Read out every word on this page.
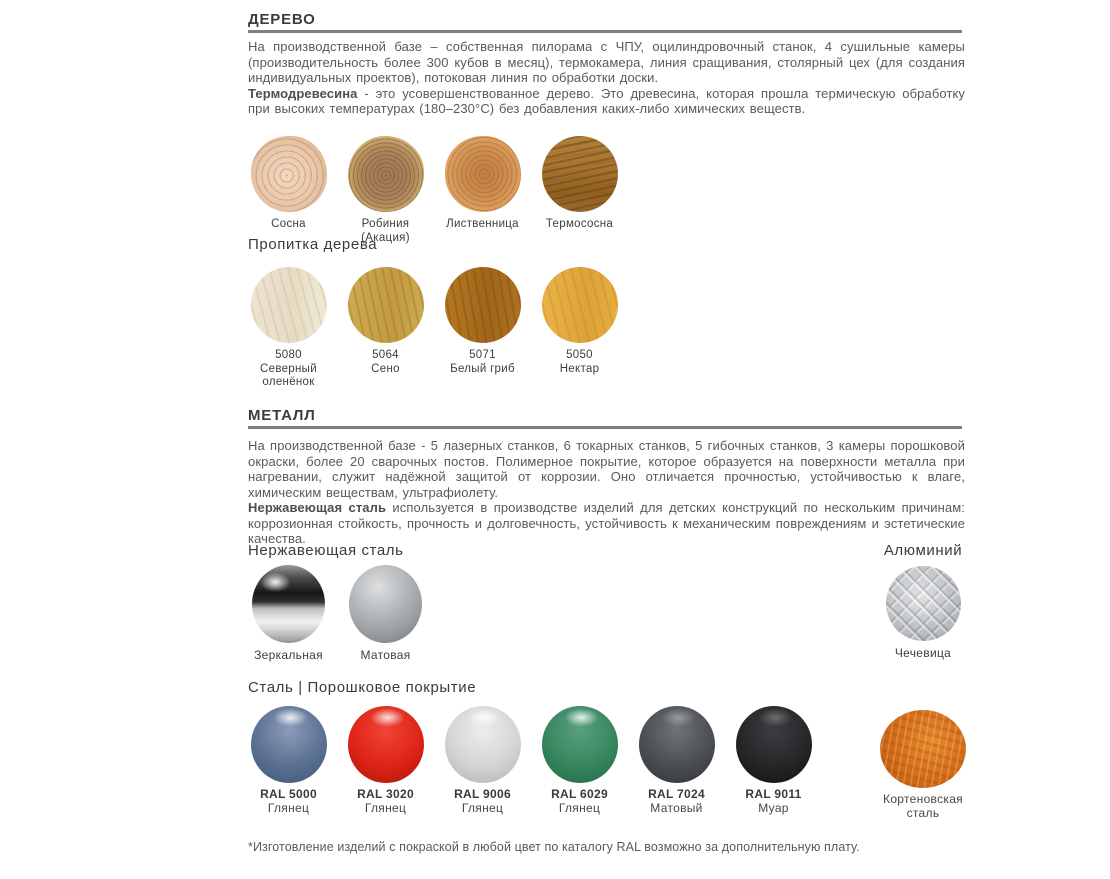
ДЕРЕВО
На производственной базе – собственная пилорама с ЧПУ, оцилиндровочный станок, 4 сушильные камеры (производительность более 300 кубов в месяц), термокамера, линия сращивания, столярный цех (для создания индивидуальных проектов), потоковая линия по обработки доски.
Термодревесина - это усовершенствованное дерево. Это древесина, которая прошла термическую обработку при высоких температурах (180–230°С) без добавления каких-либо химических веществ.
Сосна	Робиния (Акация)
Лиственница Термососна
Пропитка дерева
5080
Северный оленёнок
5064
Сено
5071
Белый гриб
5050
Нектар
МЕТАЛЛ
На производственной базе - 5 лазерных станков, 6 токарных станков, 5 гибочных станков, 3 камеры порошковой окраски, более 20 сварочных постов. Полимерное покрытие, которое образуется на поверхности металла при нагревании, служит надёжной защитой от коррозии. Оно отличается прочностью, устойчивостью к влаге, химическим веществам, ультрафиолету.
Нержавеющая сталь используется в производстве изделий для детских конструкций по нескольким причинам: коррозионная стойкость, прочность и долговечность, устойчивость к механическим повреждениям и эстетические качества.
Нержавеющая сталь	Алюминий
Зеркальная	Матовая	Чечевица
Сталь | Порошковое покрытие
RAL 5000
Глянец
RAL 3020
Глянец
RAL 9006
Глянец
RAL 6029
Глянец
RAL 7024
Матовый
RAL 9011
Муар
Кортеновская
сталь
*Изготовление изделий с покраской в любой цвет по каталогу RAL возможно за дополнительную плату.
